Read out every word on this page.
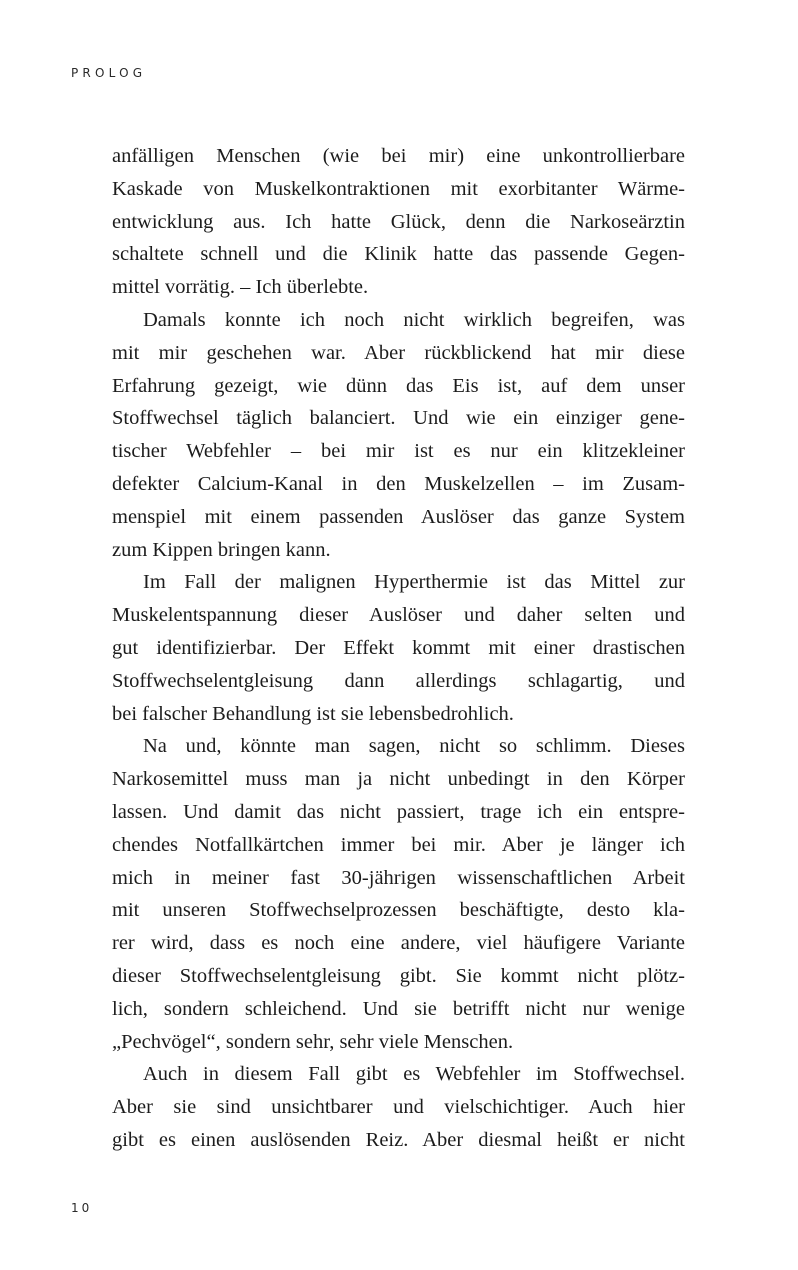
PROLOG
anfälligen Menschen (wie bei mir) eine unkontrollierbare
Kaskade von Muskelkontraktionen mit exorbitanter Wärme-
entwicklung aus. Ich hatte Glück, denn die Narkoseärztin
schaltete schnell und die Klinik hatte das passende Gegen-
mittel vorrätig. – Ich überlebte.
Damals konnte ich noch nicht wirklich begreifen, was
mit mir geschehen war. Aber rückblickend hat mir diese
Erfahrung gezeigt, wie dünn das Eis ist, auf dem unser
Stoffwechsel täglich balanciert. Und wie ein einziger gene-
tischer Webfehler – bei mir ist es nur ein klitzekleiner
defekter Calcium-Kanal in den Muskelzellen – im Zusam-
menspiel mit einem passenden Auslöser das ganze System
zum Kippen bringen kann.
Im Fall der malignen Hyperthermie ist das Mittel zur
Muskelentspannung dieser Auslöser und daher selten und
gut identifizierbar. Der Effekt kommt mit einer drastischen
Stoffwechselentgleisung dann allerdings schlagartig, und
bei falscher Behandlung ist sie lebensbedrohlich.
Na und, könnte man sagen, nicht so schlimm. Dieses
Narkosemittel muss man ja nicht unbedingt in den Körper
lassen. Und damit das nicht passiert, trage ich ein entspre-
chendes Notfallkärtchen immer bei mir. Aber je länger ich
mich in meiner fast 30-jährigen wissenschaftlichen Arbeit
mit unseren Stoffwechselprozessen beschäftigte, desto kla-
rer wird, dass es noch eine andere, viel häufigere Variante
dieser Stoffwechselentgleisung gibt. Sie kommt nicht plötz-
lich, sondern schleichend. Und sie betrifft nicht nur wenige
„Pechvögel“, sondern sehr, sehr viele Menschen.
Auch in diesem Fall gibt es Webfehler im Stoffwechsel.
Aber sie sind unsichtbarer und vielschichtiger. Auch hier
gibt es einen auslösenden Reiz. Aber diesmal heißt er nicht
10
